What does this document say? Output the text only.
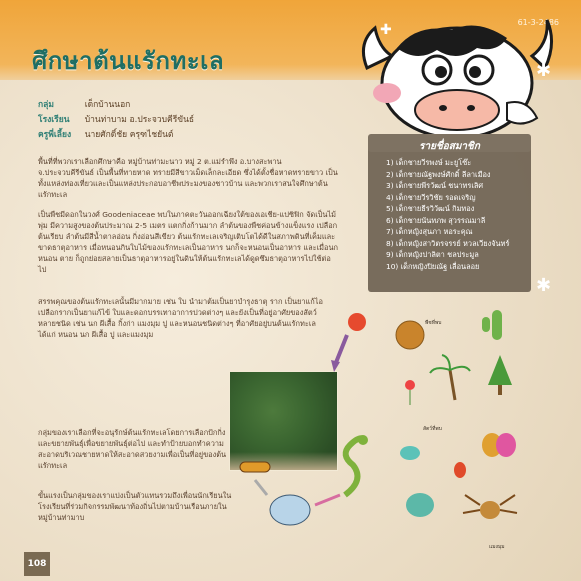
61-3-2486
ศึกษาต้นแรักทะเล	✱
✱
✚
กลุ่ม	เด็กบ้านนอก
โรงเรียน บ้านท่าบาม อ.ประจวบคีรีขันธ์
ครูพี่เลี้ยง นายศักดิ์ชัย ครุฑไชยันต์
พื้นที่ที่พวกเราเลือกศึกษาคือ หมู่บ้านท่ามะนาว หมู่ 2 ต.แม่รำพึง อ.บางสะพาน จ.ประจวบคีรีขันธ์ เป็นพื้นที่ทายหาด ทรายมีสีขาวเม็ดเล็กละเอียด ซึ่งได้ตั้งชื่อหาดทรายขาว เป็นทั้งแหล่งท่องเที่ยวและเป็นแหล่งประกอบอาชีพประมงของชาวบ้าน และพวกเราสนใจศึกษาต้นแรักทะเล
เป็นพืชมีดอกในวงศ์ Goodeniaceae พบในภาคตะวันออกเฉียงใต้ของเอเชีย-แปซิฟิก จัดเป็นไม้พุ่ม มีความสูงของต้นประมาณ 2-5 เมตร แตกกิ่งก้านมาก ลำต้นของพืชค่อนข้างแข็งแรง เปลือกต้นเรียบ ลำต้นมีสีน้ำตาลอ่อน กิ่งอ่อนสีเขียว ต้นแรักทะเลเจริญเติบโตได้ดีในสภาพดินที่เค็มและขาดธาตุอาหาร เมื่อหนอนกินใบไม้ของแรักทะเลเป็นอาหาร นกก็จะหนอนเป็นอาหาร และเมื่อนก หนอน ตาย ก็ถูกย่อยสลายเป็นธาตุอาหารอยู่ในดินให้ต้นแรักทะเลได้ดูดซึมธาตุอาหารไปใช้ต่อไป
สรรพคุณของต้นแรักทะเลนั้นมีมากมาย เช่น ใบ นำมาต้มเป็นยาบำรุงธาตุ ราก เป็นยาแก้ไอ เปลือกรากเป็นยาแก้ไข้ ใบและดอกบรรเทาอาการปวดต่างๆ และยังเป็นที่อยู่อาศัยของสัตว์หลายชนิด เช่น นก ผีเสื้อ กิ้งก่า แมงมุม ปู และหนอนชนิดต่างๆ ที่อาศัยอยู่บนต้นแรักทะเล ได้แก่ หนอน นก ผีเสื้อ ปู และแมงมุม
กลุ่มของเราเลือกที่จะอนุรักษ์ต้นแรักทะเลโดยการเลือกปักกิ่งและขยายพันธุ์เพื่อขยายพันธุ์ต่อไป และทำป้ายบอกทำความสะอาดบริเวณชายหาดให้สะอาดสวยงามเพื่อเป็นที่อยู่ของต้นแรักทะเล
ขั้นแรงเป็นกลุ่มของเราแบ่งเป็นตัวแทนรวมถึงเพื่อนนักเรียนในโรงเรียนที่ร่วมกิจกรรมพัฒนาท้องถิ่นไปตามบ้านเรือนภายในหมู่บ้านท่ามาบ
รายชื่อสมาชิก
1) เด็กชายวีรพงษ์ มะยูโซ๊ะ
2) เด็กชายณัฐพงษ์ศักดิ์ ลีลาเมือง
3) เด็กชายพีรวัฒน์ ชนาทรเลิศ
4) เด็กชายวีรวิชัย รอดเจริญ
5) เด็กชายธีรวิวัฒน์ กิมทอง
6) เด็กชายนันทภพ สุวรรณมาลี
7) เด็กหญิงสุนภา หอระคุณ
8) เด็กหญิงสาวิตรจรรย์ หวลเวียงจันทร์
9) เด็กหญิงปาลิตา ชลประมูล
10) เด็กหญิงปิยณัฐ เลื่อนลอย
พืชที่พบ
สัตว์ที่พบ
แมงมุม
108
